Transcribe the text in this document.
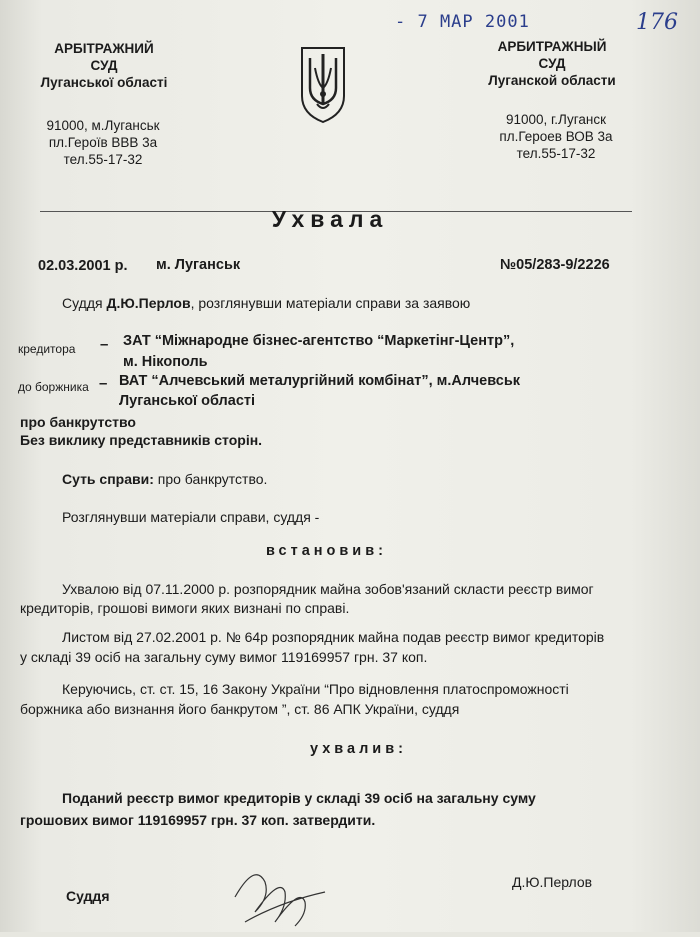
- 7 МАР 2001	176
АРБІТРАЖНИЙ
СУД
Луганської області
91000, м.Луганськ
пл.Героїв ВВВ 3а
тел.55-17-32
АРБИТРАЖНЫЙ
СУД
Луганской области
91000, г.Луганск
пл.Героев ВОВ 3а
тел.55-17-32
Ухвала
02.03.2001 р. м. Луганськ	№05/283-9/2226
Суддя Д.Ю.Перлов, розглянувши матеріали справи за заявою
кредитора – ЗАТ “Міжнародне бізнес-агентство “Маркетінг-Центр”,
м. Нікополь
до боржника – ВАТ “Алчевський металургійний комбінат”, м.Алчевськ
Луганської області
про банкрутство
Без виклику представників сторін.
Суть справи: про банкрутство.
Розглянувши матеріали справи, суддя -
встановив:
Ухвалою від 07.11.2000 р. розпорядник майна зобов'язаний скласти реєстр вимог
кредиторів, грошові вимоги яких визнані по справі.
Листом від 27.02.2001 р. № 64р розпорядник майна подав реєстр вимог кредиторів
у складі 39 осіб на загальну суму вимог 119169957 грн. 37 коп.
Керуючись, ст. ст. 15, 16 Закону України “Про відновлення платоспроможності
боржника або визнання його банкрутом ”, ст. 86 АПК України, суддя
ухвалив:
Поданий реєстр вимог кредиторів у складі 39 осіб на загальну суму
грошових вимог 119169957 грн. 37 коп. затвердити.
Суддя
Д.Ю.Перлов
